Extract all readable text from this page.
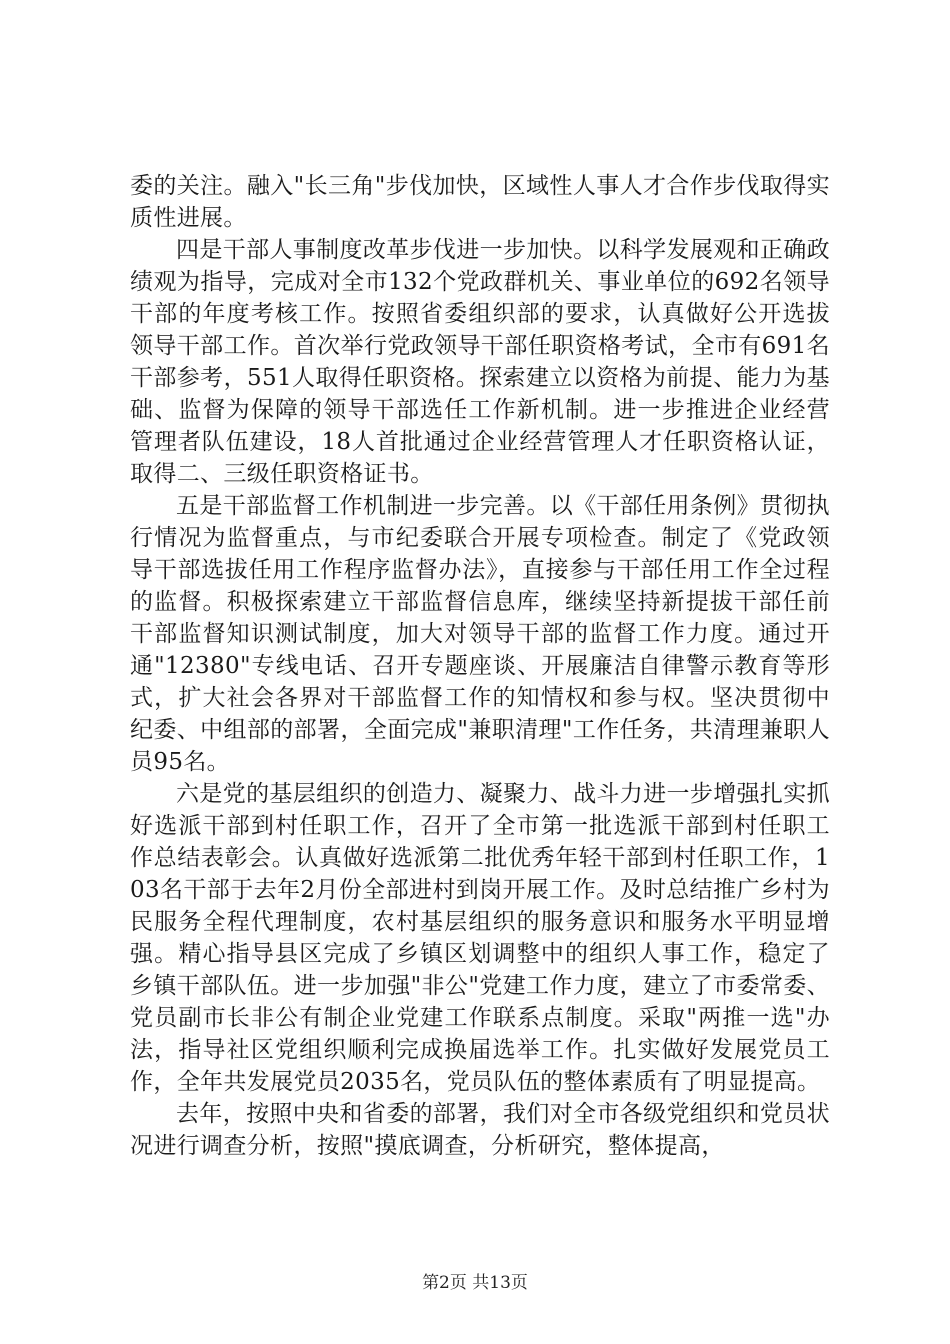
委的关注。融入"长三角"步伐加快，区域性人事人才合作步伐取得实质性进展。

四是干部人事制度改革步伐进一步加快。以科学发展观和正确政绩观为指导，完成对全市132个党政群机关、事业单位的692名领导干部的年度考核工作。按照省委组织部的要求，认真做好公开选拔领导干部工作。首次举行党政领导干部任职资格考试，全市有691名干部参考，551人取得任职资格。探索建立以资格为前提、能力为基础、监督为保障的领导干部选任工作新机制。进一步推进企业经营管理者队伍建设，18人首批通过企业经营管理人才任职资格认证，取得二、三级任职资格证书。

五是干部监督工作机制进一步完善。以《干部任用条例》贯彻执行情况为监督重点，与市纪委联合开展专项检查。制定了《党政领导干部选拔任用工作程序监督办法》，直接参与干部任用工作全过程的监督。积极探索建立干部监督信息库，继续坚持新提拔干部任前干部监督知识测试制度，加大对领导干部的监督工作力度。通过开通"12380"专线电话、召开专题座谈、开展廉洁自律警示教育等形式，扩大社会各界对干部监督工作的知情权和参与权。坚决贯彻中纪委、中组部的部署，全面完成"兼职清理"工作任务，共清理兼职人员95名。

六是党的基层组织的创造力、凝聚力、战斗力进一步增强扎实抓好选派干部到村任职工作，召开了全市第一批选派干部到村任职工作总结表彰会。认真做好选派第二批优秀年轻干部到村任职工作，103名干部于去年2月份全部进村到岗开展工作。及时总结推广乡村为民服务全程代理制度，农村基层组织的服务意识和服务水平明显增强。精心指导县区完成了乡镇区划调整中的组织人事工作，稳定了乡镇干部队伍。进一步加强"非公"党建工作力度，建立了市委常委、党员副市长非公有制企业党建工作联系点制度。采取"两推一选"办法，指导社区党组织顺利完成换届选举工作。扎实做好发展党员工作，全年共发展党员2035名，党员队伍的整体素质有了明显提高。

去年，按照中央和省委的部署，我们对全市各级党组织和党员状况进行调查分析，按照"摸底调查，分析研究，整体提高，

第2页 共13页
